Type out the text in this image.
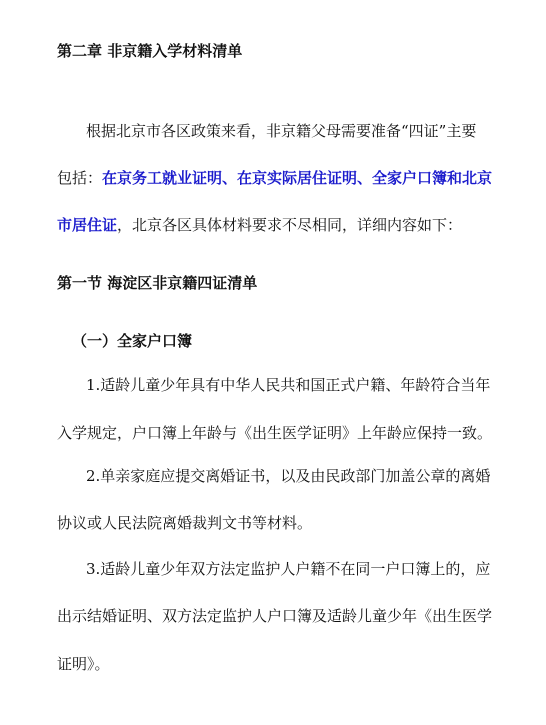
第二章 非京籍入学材料清单
根据北京市各区政策来看，非京籍父母需要准备“四证”主要
包括：在京务工就业证明、在京实际居住证明、全家户口簿和北京
市居住证，北京各区具体材料要求不尽相同，详细内容如下：
第一节 海淀区非京籍四证清单
（一）全家户口簿
1.适龄儿童少年具有中华人民共和国正式户籍、年龄符合当年
入学规定，户口簿上年龄与《出生医学证明》上年龄应保持一致。
2.单亲家庭应提交离婚证书，以及由民政部门加盖公章的离婚
协议或人民法院离婚裁判文书等材料。
3.适龄儿童少年双方法定监护人户籍不在同一户口簿上的，应
出示结婚证明、双方法定监护人户口簿及适龄儿童少年《出生医学
证明》。
